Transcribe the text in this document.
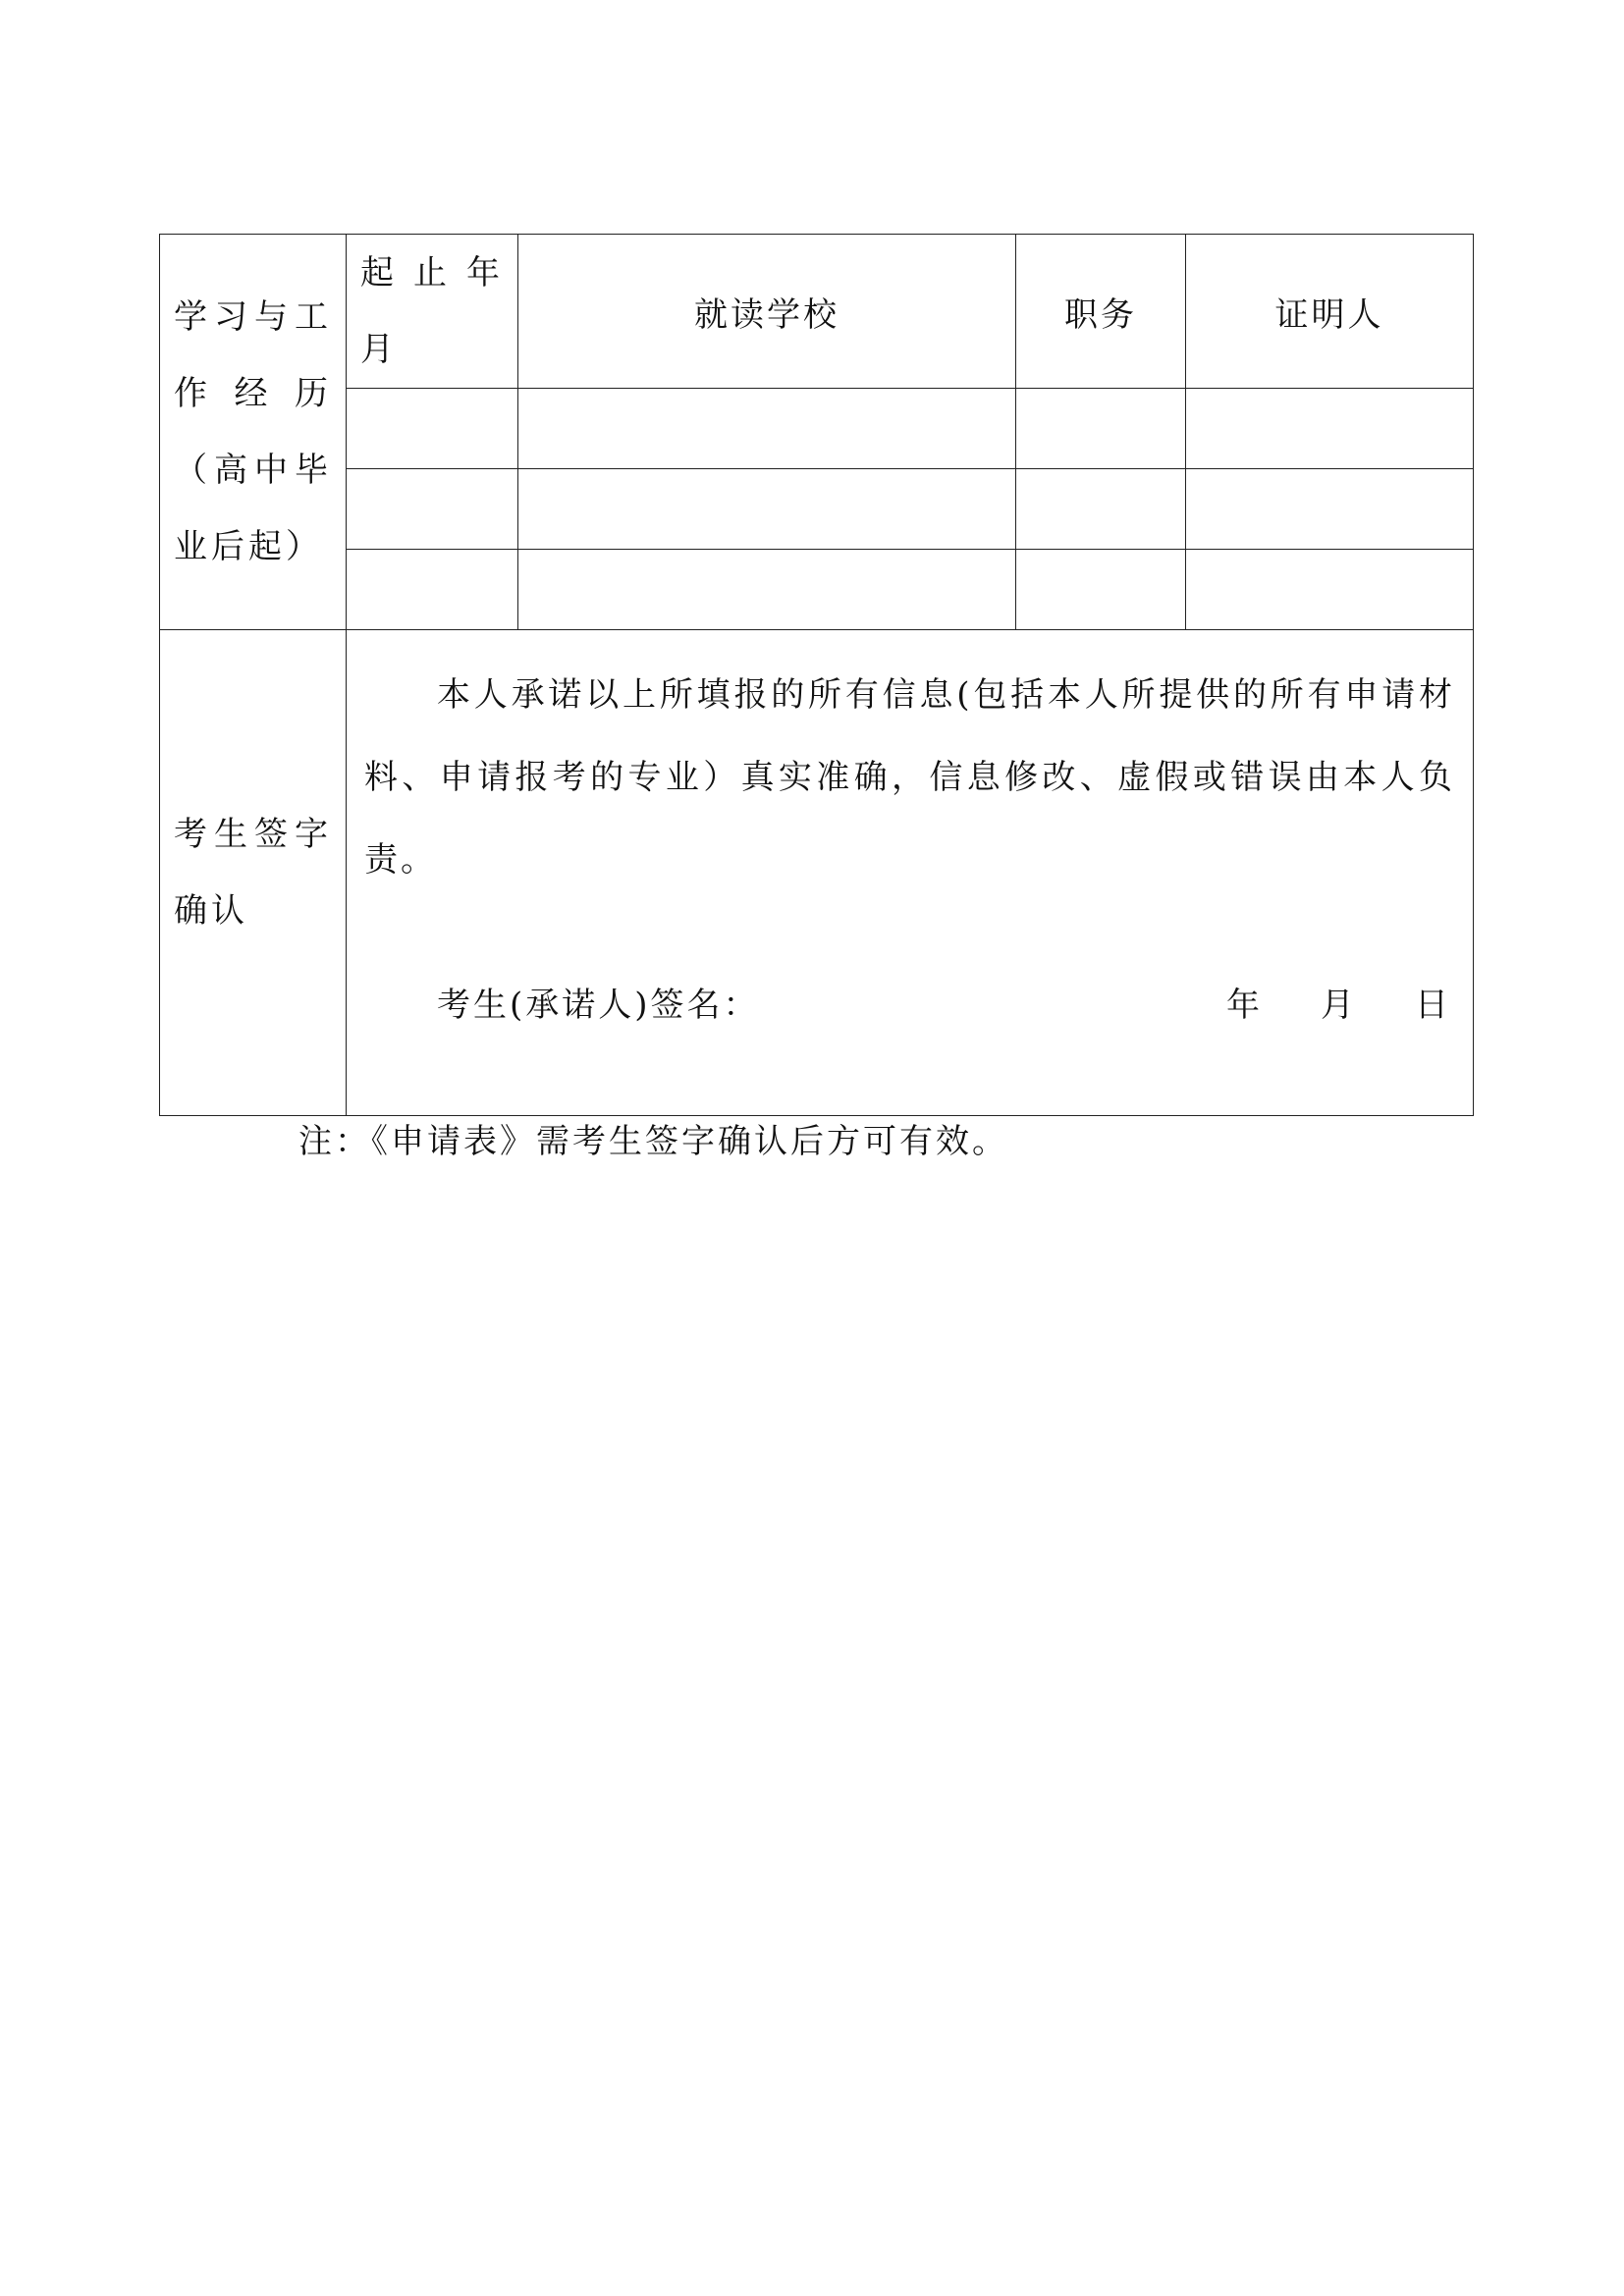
学习与工作经历（高中毕业后起）	起止年月	就读学校	职务	证明人

考生签字确认	本人承诺以上所填报的所有信息(包括本人所提供的所有申请材料、申请报考的专业）真实准确，信息修改、虚假或错误由本人负责。

考生(承诺人)签名： 年 月 日			

注：《申请表》需考生签字确认后方可有效。
